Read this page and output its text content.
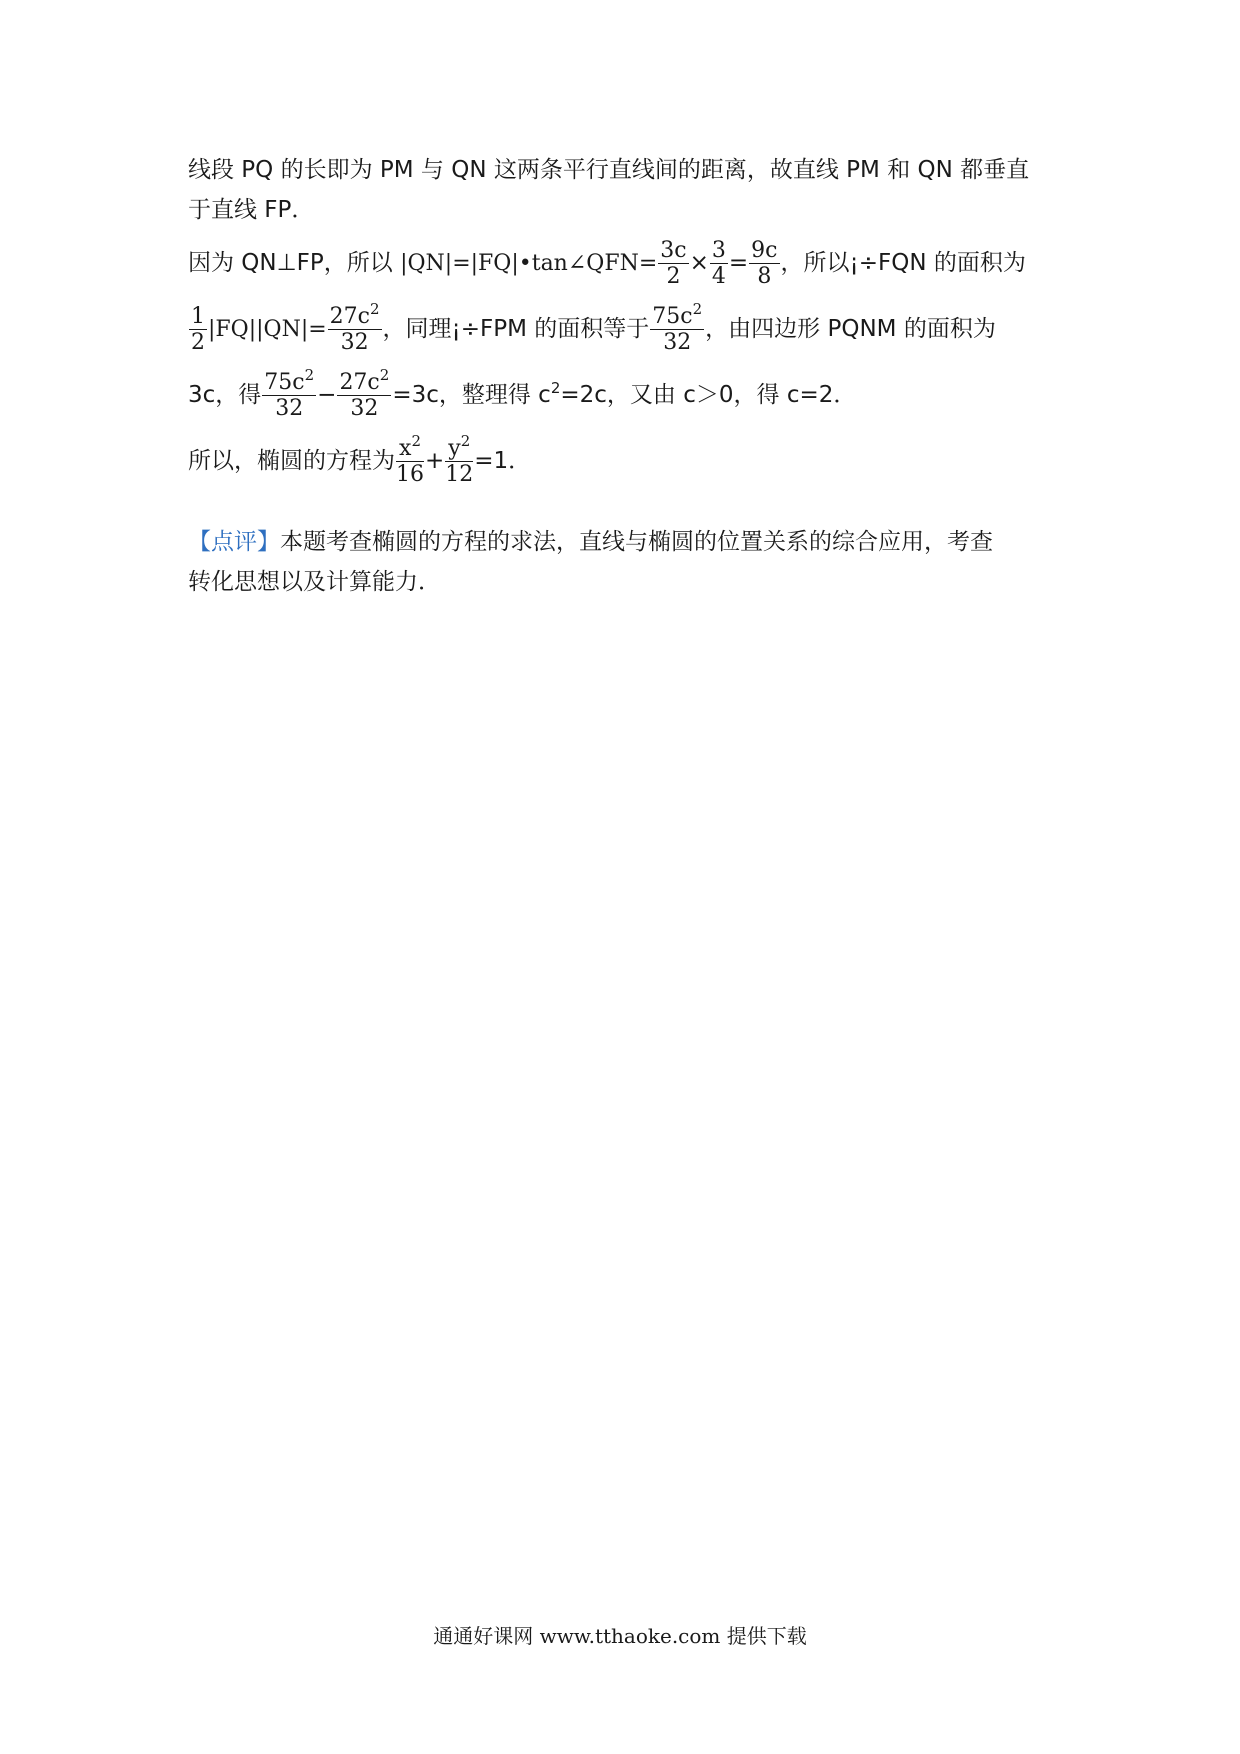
线段 PQ 的长即为 PM 与 QN 这两条平行直线间的距离，故直线 PM 和 QN 都垂直
于直线 FP．
因为 QN⊥FP，所以 |QN|=|FQ|•tan∠QFN= $\frac{3c}{2} \times \frac{3}{4} = \frac{9c}{8}$ ，所以¡÷FQN 的面积为
$\frac{1}{2} |FQ||QN|= \frac{27c^2}{32}$ ，同理¡÷FPM 的面积等于 $\frac{75c^2}{32}$ ，由四边形 PQNM 的面积为
3c，得 $\frac{75c^2}{32} - \frac{27c^2}{32} =3c$，整理得 $c^2=2c$，又由 c＞0，得 c=2．
所以，椭圆的方程为 $\frac{x^2}{16} + \frac{y^2}{12} =1$．
【点评】本题考查椭圆的方程的求法，直线与椭圆的位置关系的综合应用，考查
转化思想以及计算能力．
通通好课网 www.tthaoke.com 提供下载
